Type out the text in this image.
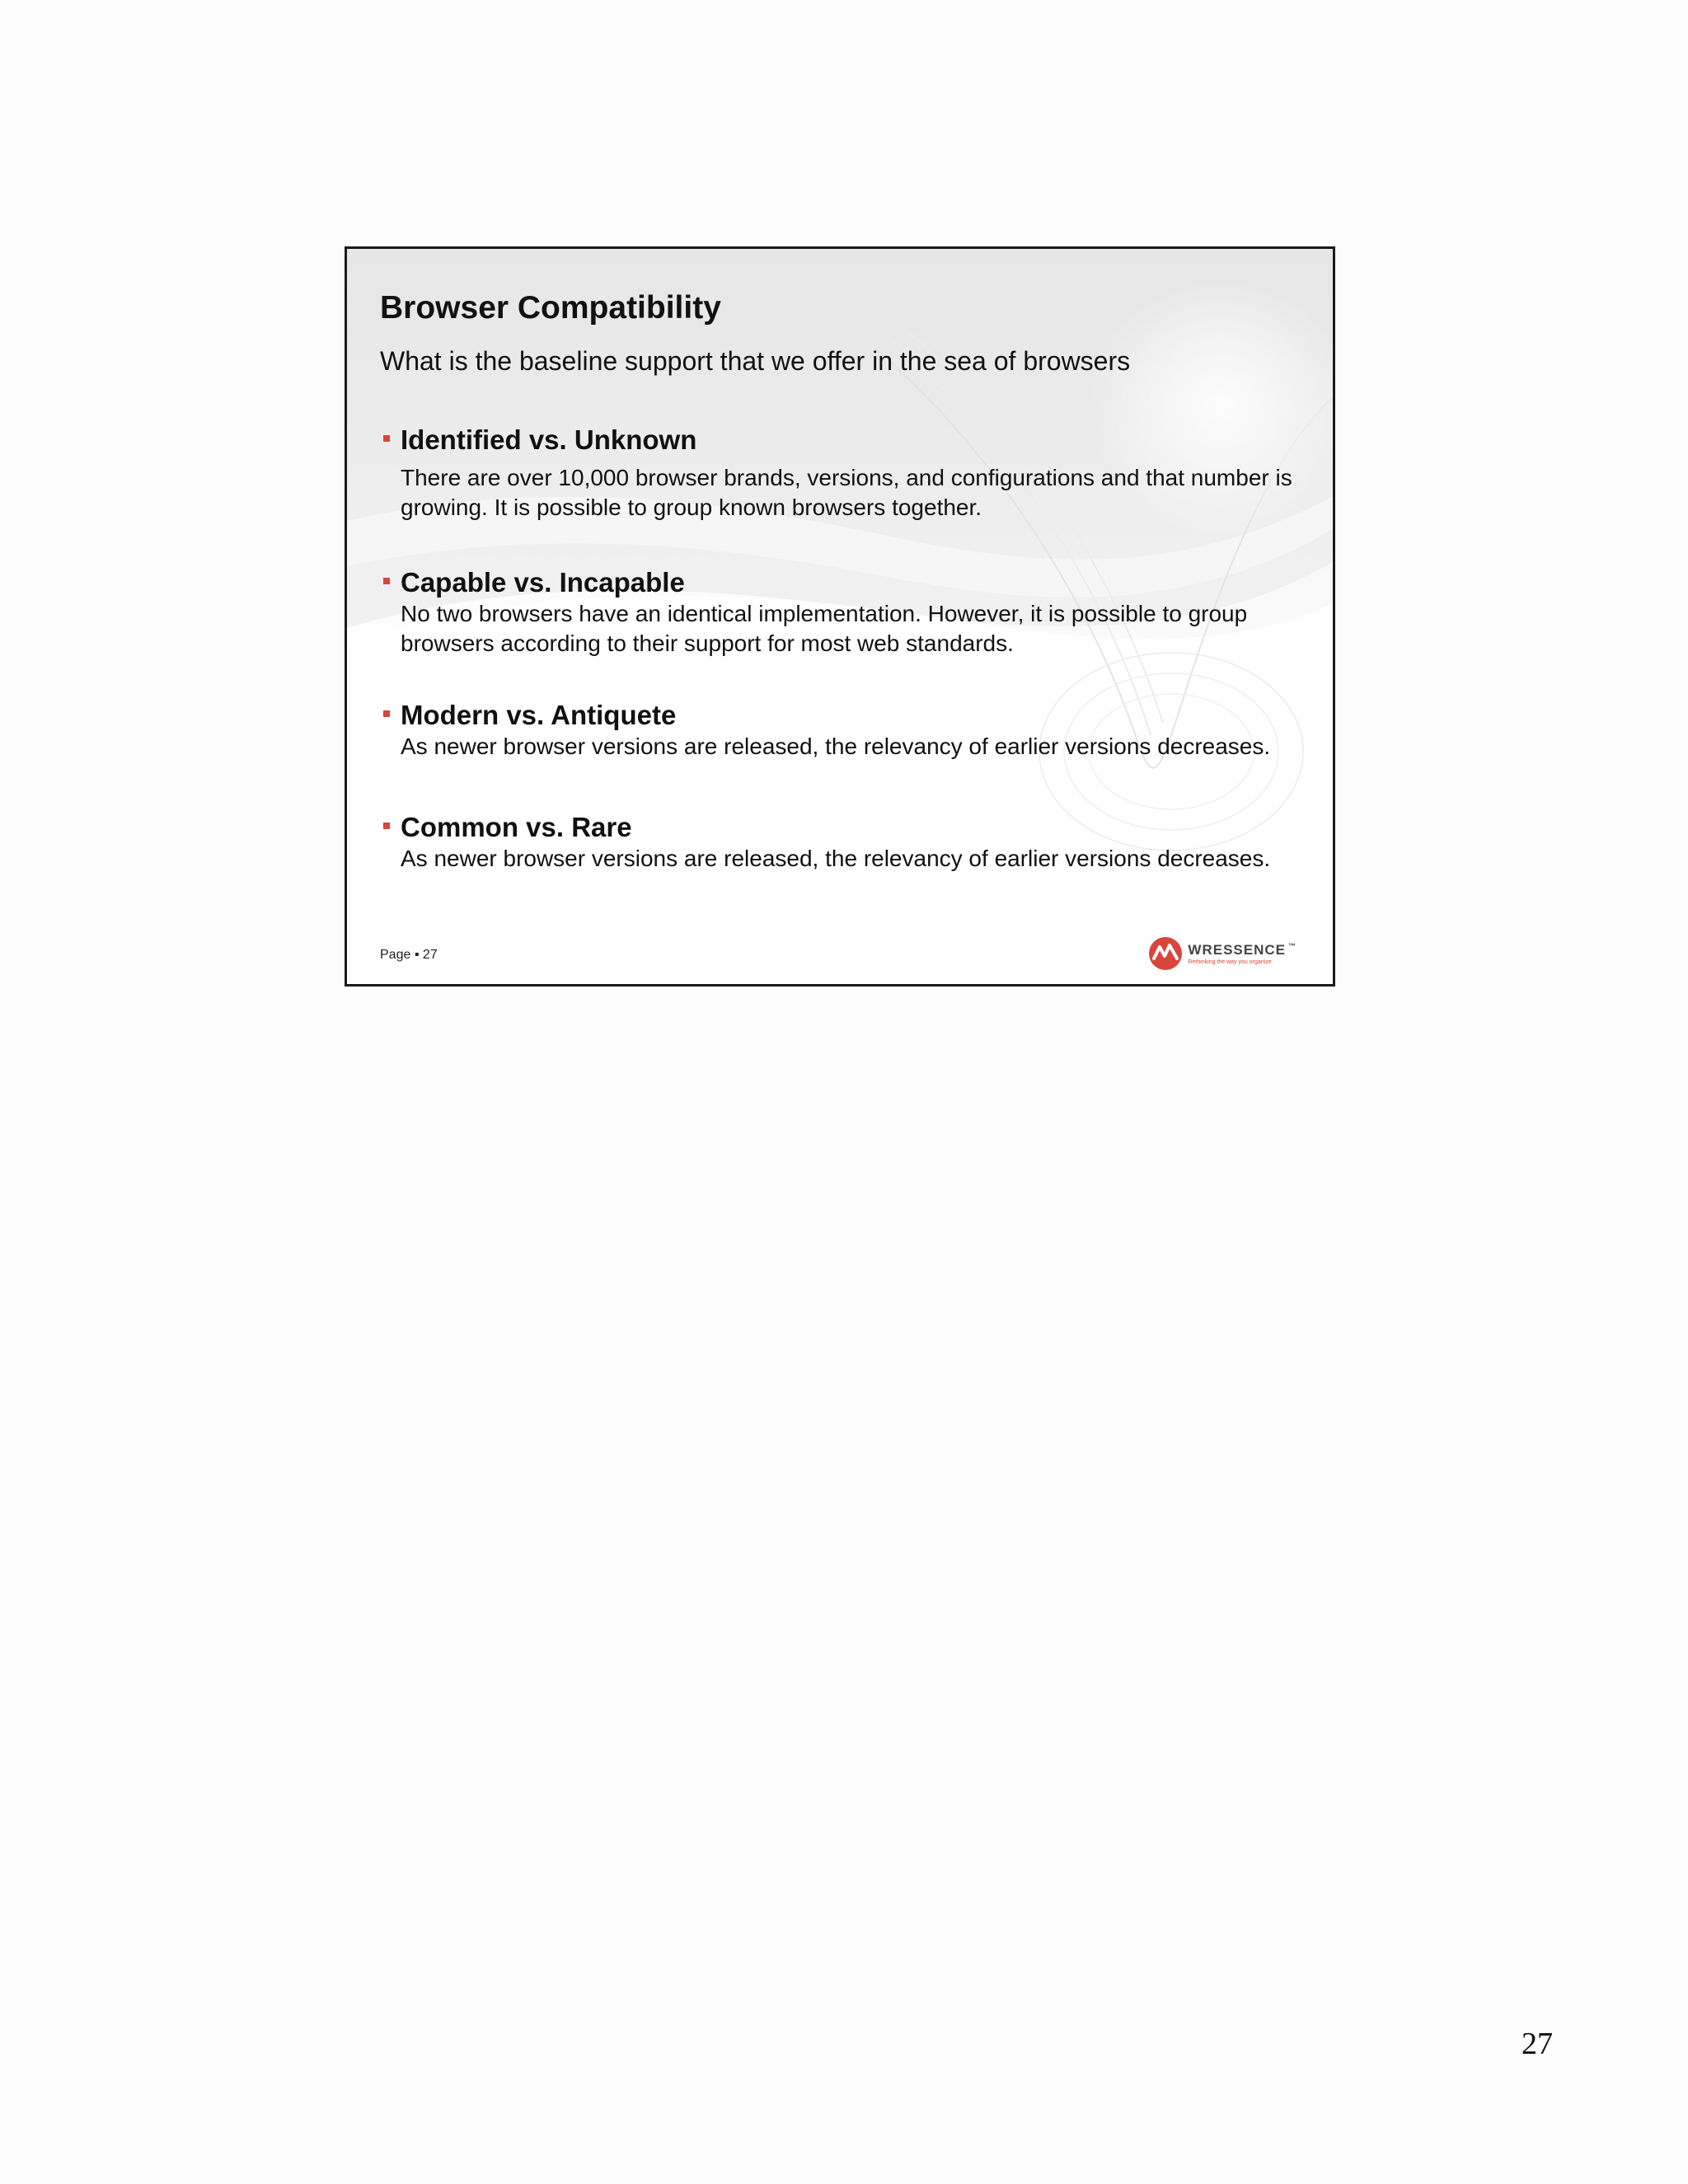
Browser Compatibility

What is the baseline support that we offer in the sea of browsers

Identified vs. Unknown

There are over 10,000 browser brands, versions, and configurations and that number is growing. It is possible to group known browsers together.

Capable vs. Incapable

No two browsers have an identical implementation. However, it is possible to group browsers according to their support for most web standards.

Modern vs. Antiquete

As newer browser versions are released, the relevancy of earlier versions decreases.

Common vs. Rare

As newer browser versions are released, the relevancy of earlier versions decreases.

Page ▪ 27	WRESSENCE ™
Rethinking the way you organize
27
